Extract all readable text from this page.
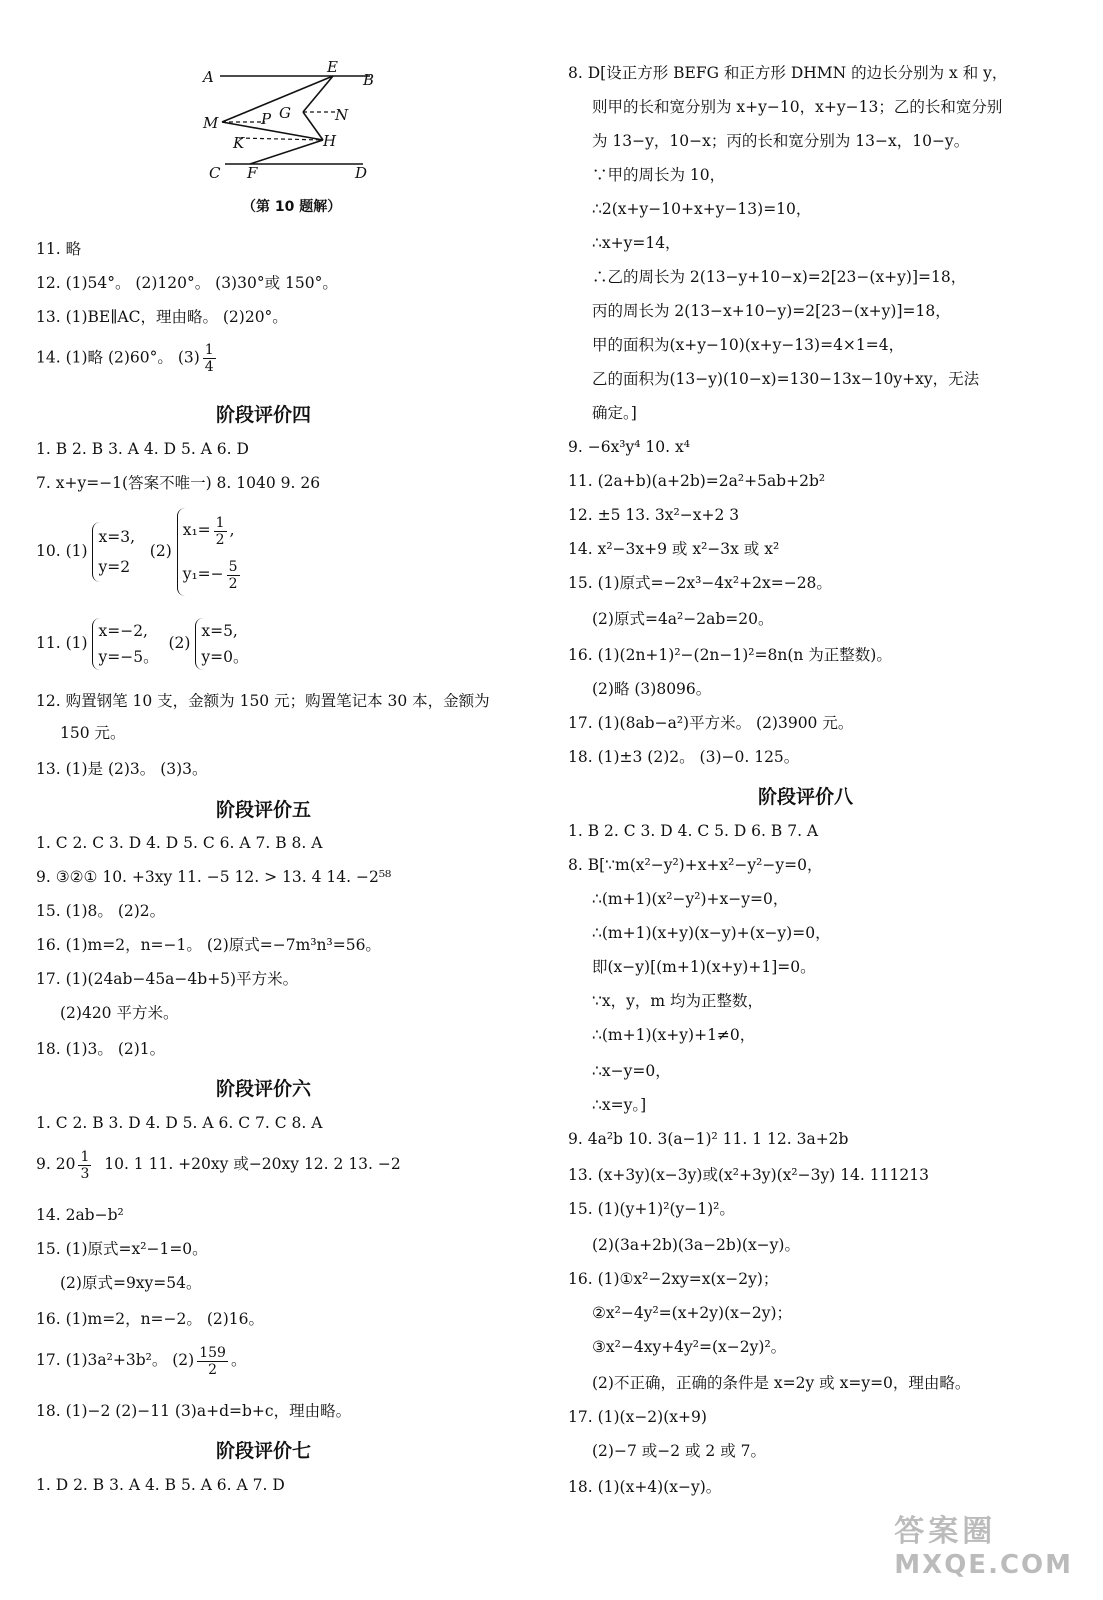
A
E
B
M	P G	N
K	H
C F	D
（第 10 题解）
11. 略
12. (1)54°。 (2)120°。 (3)30°或 150°。
13. (1)BE∥AC，理由略。 (2)20°。
14. (1)略 (2)60°。 $(3) \frac{1}{4}$
阶段评价四
1. B 2. B 3. A 4. D 5. A 6. D
7. x+y=−1(答案不唯一) 8. 1040 9. 26
10. (1) x=3,
y=2   (2) $x_1= \frac{1}{2}$ ,
$y_1=- \frac{5}{2}$
11. (1) x=−2,
y=−5。  (2) x=5,
y=0。
12. 购置钢笔 10 支，金额为 150 元；购置笔记本 30 本，金额为
150 元。
13. (1)是 (2)3。 (3)3。
阶段评价五
1. C 2. C 3. D 4. D 5. C 6. A 7. B 8. A
9. ③②① 10. +3xy 11. −5 12. > 13. 4 14. −2⁵⁸
15. (1)8。 (2)2。
16. (1)m=2，n=−1。 (2)原式=−7m³n³=56。
17. (1)(24ab−45a−4b+5)平方米。
(2)420 平方米。
18. (1)3。 (2)1。
阶段评价六
1. C 2. B 3. D 4. D 5. A 6. C 7. C 8. A
9. $20 \frac{1}{3} 10$. 1 11. +20xy 或−20xy 12. 2 13. −2
14. 2ab−b²
15. (1)原式=x²−1=0。
(2)原式=9xy=54。
16. (1)m=2，n=−2。 (2)16。
17. (1)3a²+3b²。 $(2) \frac{159}{2}$ 。
18. (1)−2 (2)−11 (3)a+d=b+c，理由略。
阶段评价七
1. D 2. B 3. A 4. B 5. A 6. A 7. D
8. D[设正方形 BEFG 和正方形 DHMN 的边长分别为 x 和 y，
则甲的长和宽分别为 x+y−10，x+y−13；乙的长和宽分别
为 13−y，10−x；丙的长和宽分别为 13−x，10−y。
∵甲的周长为 10，
∴2(x+y−10+x+y−13)=10，
∴x+y=14，
∴乙的周长为 2(13−y+10−x)=2[23−(x+y)]=18，
丙的周长为 2(13−x+10−y)=2[23−(x+y)]=18，
甲的面积为(x+y−10)(x+y−13)=4×1=4，
乙的面积为(13−y)(10−x)=130−13x−10y+xy，无法
确定。]
9. −6x³y⁴ 10. x⁴
11. (2a+b)(a+2b)=2a²+5ab+2b²
12. ±5 13. 3x²−x+2 3
14. x²−3x+9 或 x²−3x 或 x²
15. (1)原式=−2x³−4x²+2x=−28。
(2)原式=4a²−2ab=20。
16. (1)(2n+1)²−(2n−1)²=8n(n 为正整数)。
(2)略 (3)8096。
17. (1)(8ab−a²)平方米。 (2)3900 元。
18. (1)±3 (2)2。 (3)−0. 125。
阶段评价八
1. B 2. C 3. D 4. C 5. D 6. B 7. A
8. B[∵m(x²−y²)+x+x²−y²−y=0，
∴(m+1)(x²−y²)+x−y=0，
∴(m+1)(x+y)(x−y)+(x−y)=0，
即(x−y)[(m+1)(x+y)+1]=0。
∵x，y，m 均为正整数，
∴(m+1)(x+y)+1≠0，
∴x−y=0，
∴x=y。]
9. 4a²b 10. 3(a−1)² 11. 1 12. 3a+2b
13. (x+3y)(x−3y)或(x²+3y)(x²−3y) 14. 111213
15. (1)(y+1)²(y−1)²。
(2)(3a+2b)(3a−2b)(x−y)。
16. (1)①x²−2xy=x(x−2y)；
②x²−4y²=(x+2y)(x−2y)；
③x²−4xy+4y²=(x−2y)²。
(2)不正确，正确的条件是 x=2y 或 x=y=0，理由略。
17. (1)(x−2)(x+9)
(2)−7 或−2 或 2 或 7。
18. (1)(x+4)(x−y)。
答案圈
MXQE.COM
